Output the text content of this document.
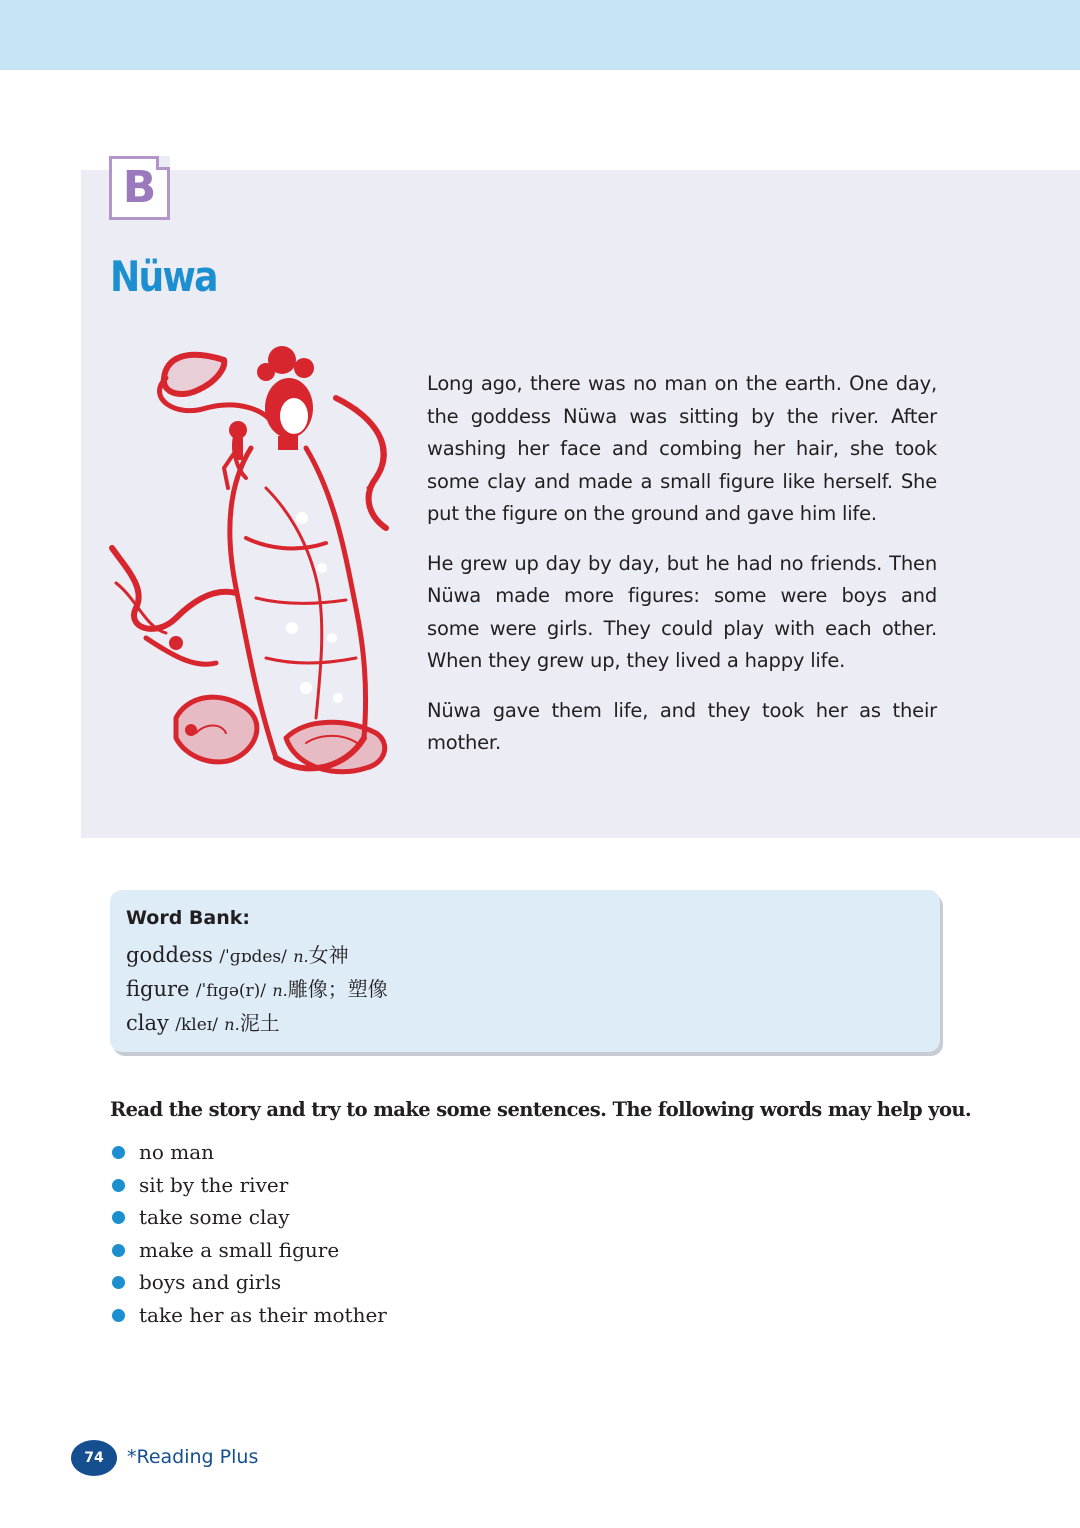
B
Nüwa

Long ago, there was no man on the earth. One day, the goddess Nüwa was sitting by the river. After washing her face and combing her hair, she took some clay and made a small figure like herself. She put the figure on the ground and gave him life.

He grew up day by day, but he had no friends. Then Nüwa made more figures: some were boys and some were girls. They could play with each other. When they grew up, they lived a happy life.

Nüwa gave them life, and they took her as their mother.

Word Bank:
goddess /ˈɡɒdes/ n.女神
figure /ˈfɪɡə(r)/ n.雕像；塑像
clay /kleɪ/ n.泥土

Read the story and try to make some sentences. The following words may help you.

no man
sit by the river
take some clay
make a small figure
boys and girls
take her as their mother
74 *Reading Plus
